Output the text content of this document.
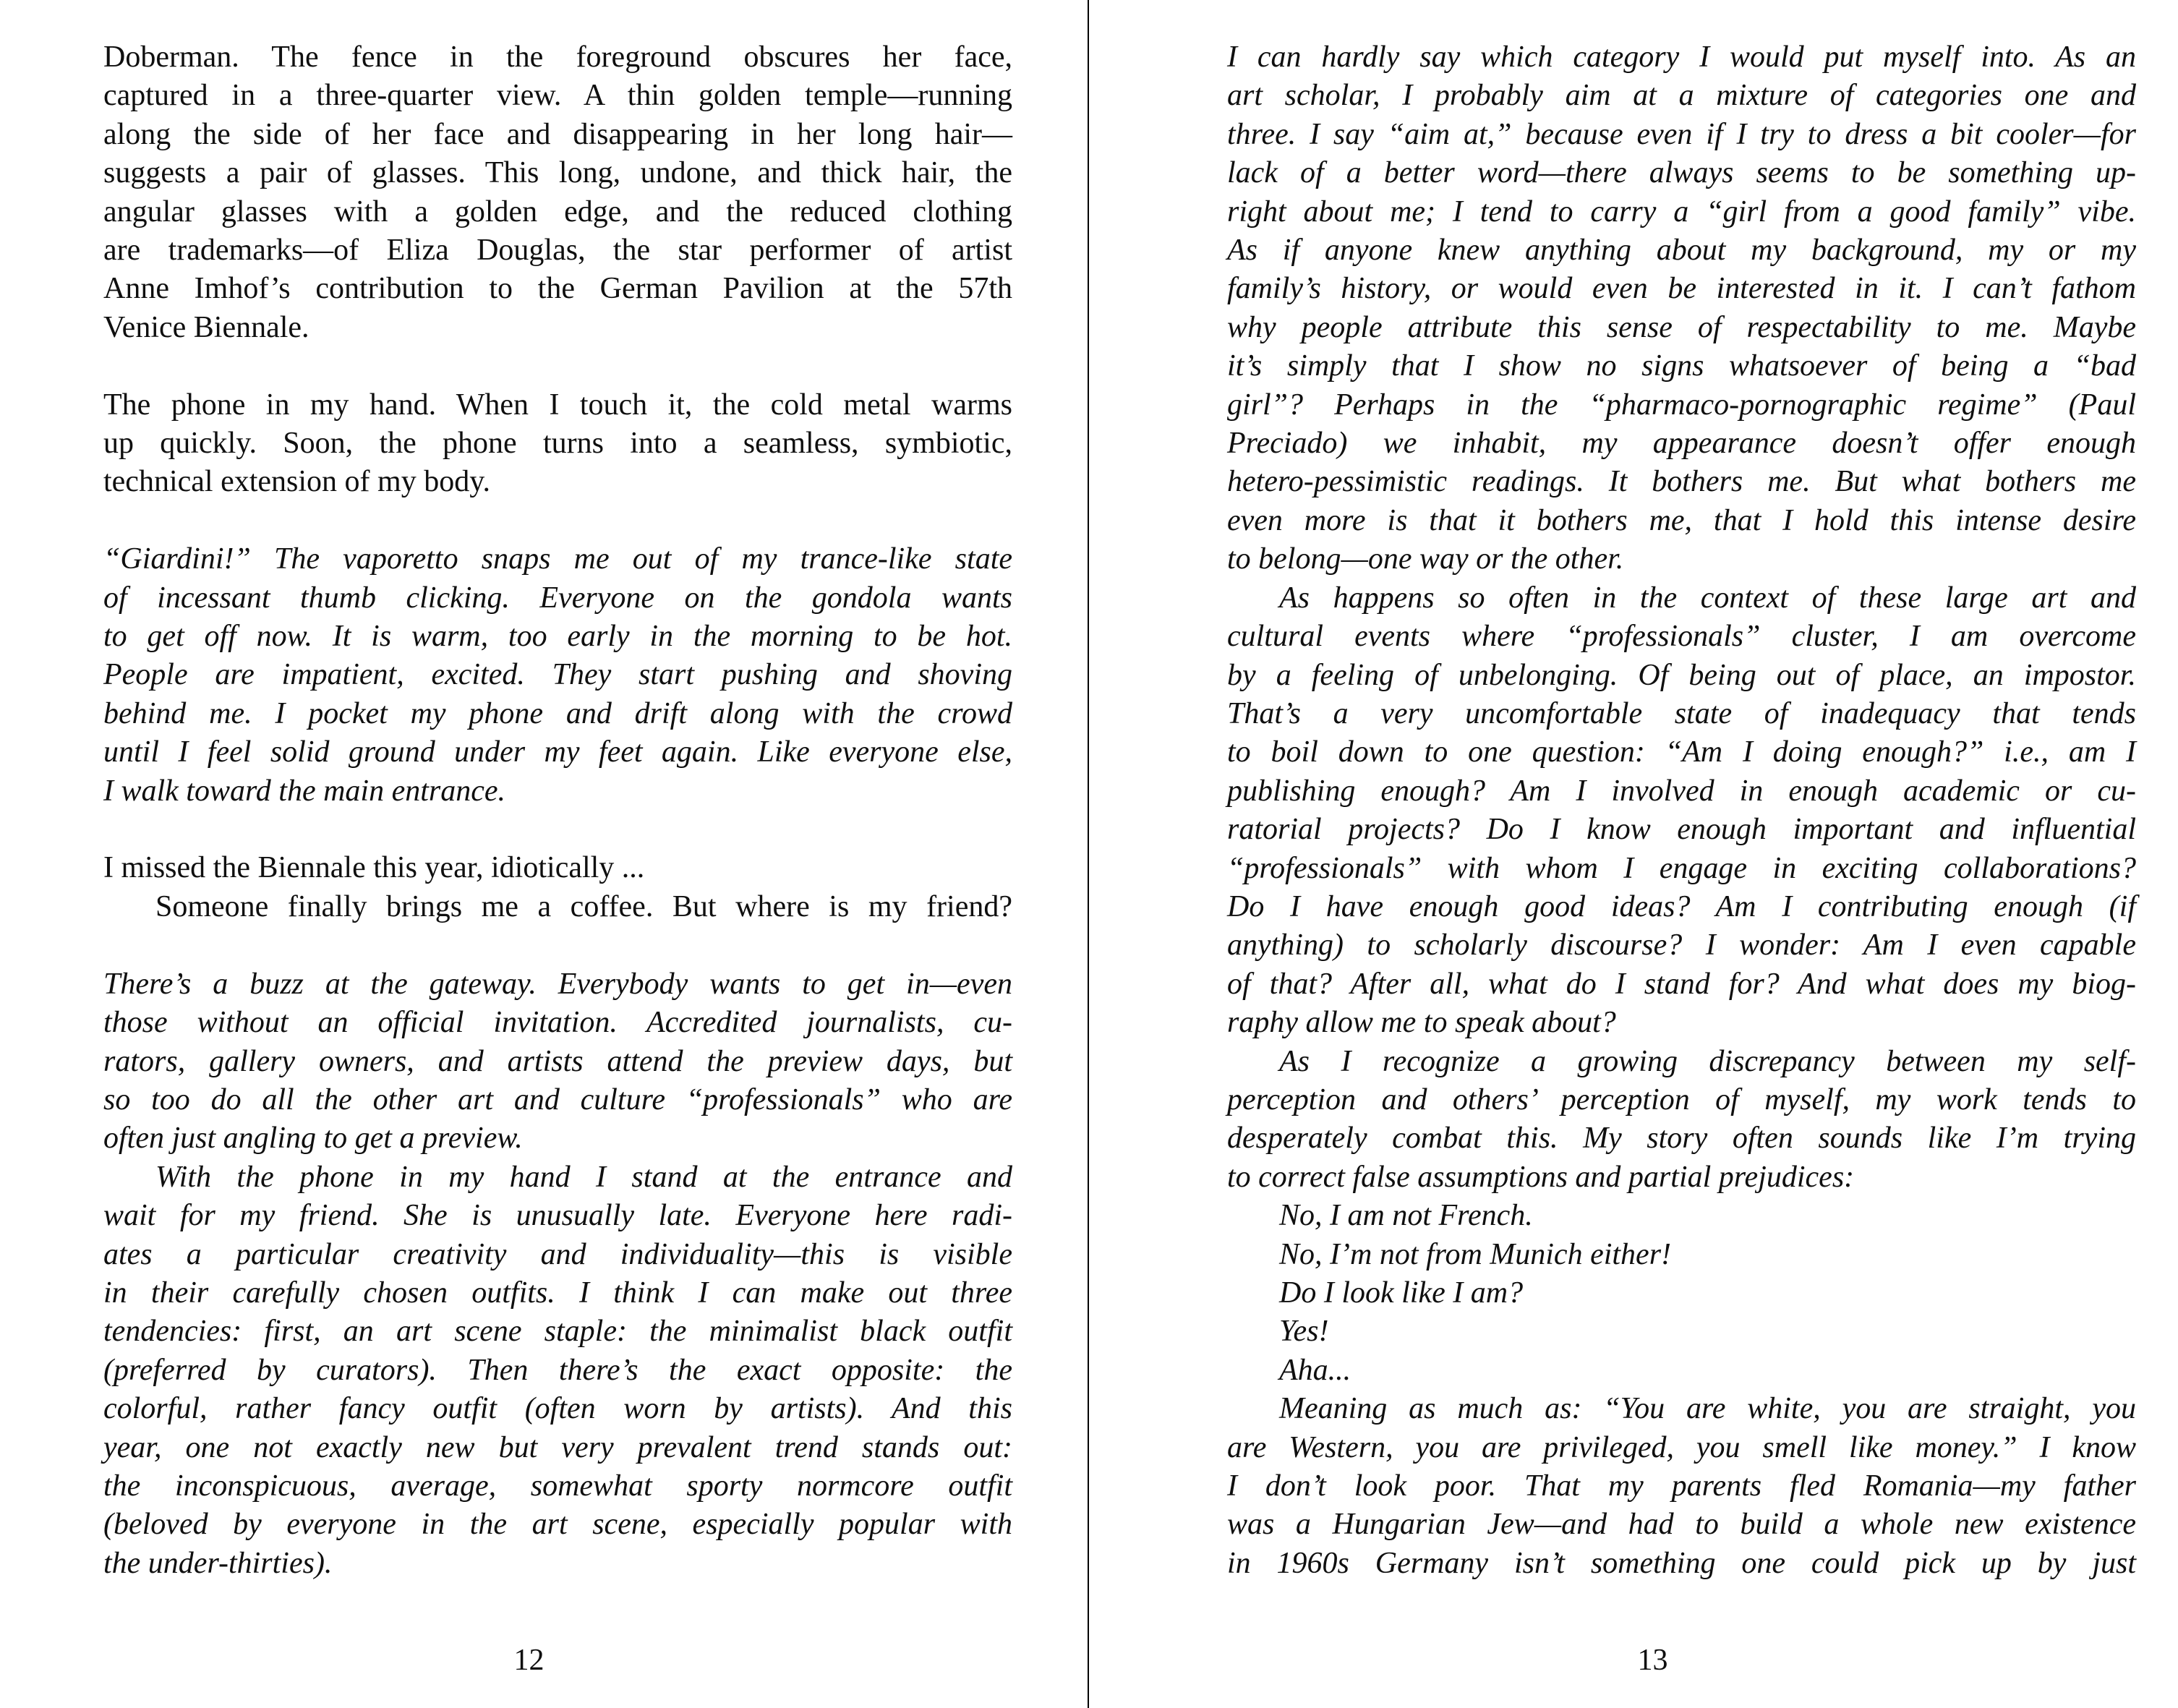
Doberman. The fence in the foreground obscures her face,
captured in a three-quarter view. A thin golden temple—running
along the side of her face and disappearing in her long hair—
suggests a pair of glasses. This long, undone, and thick hair, the
angular glasses with a golden edge, and the reduced clothing
are trademarks—of Eliza Douglas, the star performer of artist
Anne Imhof’s contribution to the German Pavilion at the 57th
Venice Biennale.
The phone in my hand. When I touch it, the cold metal warms
up quickly. Soon, the phone turns into a seamless, symbiotic,
technical extension of my body.
“Giardini!” The vaporetto snaps me out of my trance-like state
of incessant thumb clicking. Everyone on the gondola wants
to get off now. It is warm, too early in the morning to be hot.
People are impatient, excited. They start pushing and shoving
behind me. I pocket my phone and drift along with the crowd
until I feel solid ground under my feet again. Like everyone else,
I walk toward the main entrance.
I missed the Biennale this year, idiotically ...
Someone finally brings me a coffee. But where is my friend?
There’s a buzz at the gateway. Everybody wants to get in—even
those without an official invitation. Accredited journalists, cu-
rators, gallery owners, and artists attend the preview days, but
so too do all the other art and culture “professionals” who are
often just angling to get a preview.
With the phone in my hand I stand at the entrance and
wait for my friend. She is unusually late. Everyone here radi-
ates a particular creativity and individuality—this is visible
in their carefully chosen outfits. I think I can make out three
tendencies: first, an art scene staple: the minimalist black outfit
(preferred by curators). Then there’s the exact opposite: the
colorful, rather fancy outfit (often worn by artists). And this
year, one not exactly new but very prevalent trend stands out:
the inconspicuous, average, somewhat sporty normcore outfit
(beloved by everyone in the art scene, especially popular with
the under-thirties).
12
I can hardly say which category I would put myself into. As an
art scholar, I probably aim at a mixture of categories one and
three. I say “aim at,” because even if I try to dress a bit cooler—for
lack of a better word—there always seems to be something up-
right about me; I tend to carry a “girl from a good family” vibe.
As if anyone knew anything about my background, my or my
family’s history, or would even be interested in it. I can’t fathom
why people attribute this sense of respectability to me. Maybe
it’s simply that I show no signs whatsoever of being a “bad
girl”? Perhaps in the “pharmaco-pornographic regime” (Paul
Preciado) we inhabit, my appearance doesn’t offer enough
hetero-pessimistic readings. It bothers me. But what bothers me
even more is that it bothers me, that I hold this intense desire
to belong—one way or the other.
As happens so often in the context of these large art and
cultural events where “professionals” cluster, I am overcome
by a feeling of unbelonging. Of being out of place, an impostor.
That’s a very uncomfortable state of inadequacy that tends
to boil down to one question: “Am I doing enough?” i.e., am I
publishing enough? Am I involved in enough academic or cu-
ratorial projects? Do I know enough important and influential
“professionals” with whom I engage in exciting collaborations?
Do I have enough good ideas? Am I contributing enough (if
anything) to scholarly discourse? I wonder: Am I even capable
of that? After all, what do I stand for? And what does my biog-
raphy allow me to speak about?
As I recognize a growing discrepancy between my self-
perception and others’ perception of myself, my work tends to
desperately combat this. My story often sounds like I’m trying
to correct false assumptions and partial prejudices:
No, I am not French.
No, I’m not from Munich either!
Do I look like I am?
Yes!
Aha...
Meaning as much as: “You are white, you are straight, you
are Western, you are privileged, you smell like money.” I know
I don’t look poor. That my parents fled Romania—my father
was a Hungarian Jew—and had to build a whole new existence
in 1960s Germany isn’t something one could pick up by just
13
